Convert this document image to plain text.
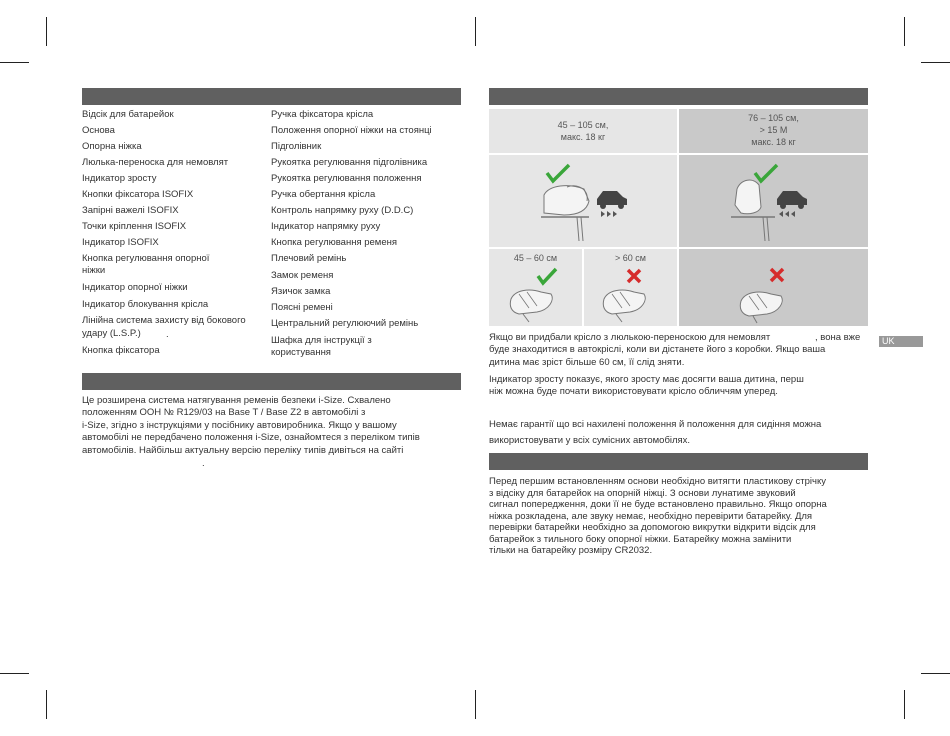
Відсік для батарейок
Основа
Опорна ніжка
Люлька-переноска для немовлят
Індикатор зросту
Кнопки фіксатора ISOFIX
Запірні важелі ISOFIX
Точки кріплення ISOFIX
Індикатор ISOFIX
Кнопка регулювання опорної
ніжки
Індикатор опорної ніжки
Індикатор блокування крісла
Лінійна система захисту від бокового
удару (L.S.P.)	.
Кнопка фіксатора
Ручка фіксатора крісла
Положення опорної ніжки на стоянці
Підголівник
Рукоятка регулювання підголівника
Рукоятка регулювання положення
Ручка обертання крісла
Контроль напрямку руху (D.D.C)
Індикатор напрямку руху
Кнопка регулювання ременя
Плечовий ремінь
Замок ременя
Язичок замка
Поясні ремені
Центральний регулюючий ремінь
Шафка для інструкції з
користування
Це розширена система натягування ременів безпеки i-Size. Схвалено
положенням ООН № R129/03 на Base T / Base Z2 в автомобілі з
i-Size, згідно з інструкціями у посібнику автовиробника. Якщо у вашому
автомобілі не передбачено положення i-Size, ознайомтеся з переліком типів
автомобілів. Найбільш актуальну версію переліку типів дивіться на сайті
.
45 – 105 см,
макс. 18 кг
76 – 105 см,
> 15 М
макс. 18 кг
45 – 60 см	> 60 см
Якщо ви придбали крісло з люлькою-переноскою для немовлят
буде знаходитися в автокріслі, коли ви дістанете його з коробки. Якщо ваша
дитина має зріст більше 60 см, її слід зняти.
, вона вже
Індикатор зросту показує, якого зросту має досягти ваша дитина, перш
ніж можна буде почати використовувати крісло обличчям уперед.
Немає гарантії що всі нахилені положення й положення для сидіння можна
використовувати у всіх сумісних автомобілях.
UK
Перед першим встановленням основи необхідно витягти пластикову стрічку
з відсіку для батарейок на опорній ніжці. З основи лунатиме звуковий
сигнал попередження, доки її не буде встановлено правильно. Якщо опорна
ніжка розкладена, але звуку немає, необхідно перевірити батарейку. Для
перевірки батарейки необхідно за допомогою викрутки відкрити відсік для
батарейок з тильного боку опорної ніжки. Батарейку можна замінити
тільки на батарейку розміру CR2032.
